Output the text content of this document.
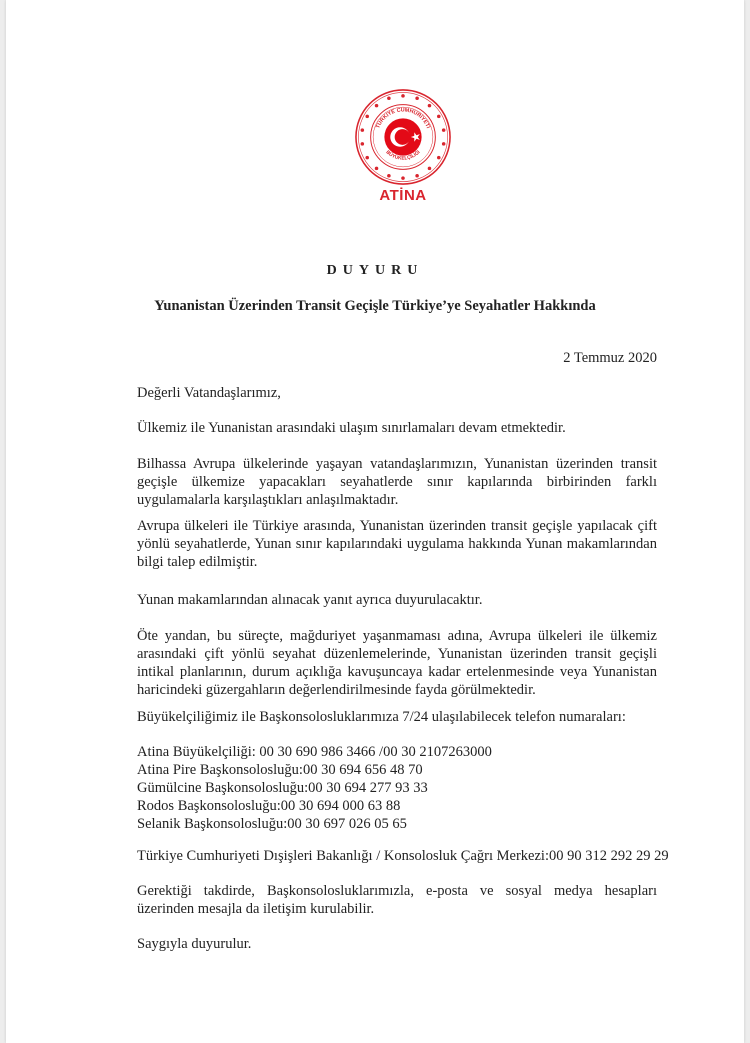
TÜRKİYE CUMHURİYETİ
BÜYÜKELÇİLİĞİ
ATİNA
DUYURU
Yunanistan Üzerinden Transit Geçişle Türkiye’ye Seyahatler Hakkında
2 Temmuz 2020
Değerli Vatandaşlarımız,
Ülkemiz ile Yunanistan arasındaki ulaşım sınırlamaları devam etmektedir.
Bilhassa Avrupa ülkelerinde yaşayan vatandaşlarımızın, Yunanistan üzerinden transit geçişle ülkemize yapacakları seyahatlerde sınır kapılarında birbirinden farklı uygulamalarla karşılaştıkları anlaşılmaktadır.
Avrupa ülkeleri ile Türkiye arasında, Yunanistan üzerinden transit geçişle yapılacak çift yönlü seyahatlerde, Yunan sınır kapılarındaki uygulama hakkında Yunan makamlarından bilgi talep edilmiştir.
Yunan makamlarından alınacak yanıt ayrıca duyurulacaktır.
Öte yandan, bu süreçte, mağduriyet yaşanmaması adına, Avrupa ülkeleri ile ülkemiz arasındaki çift yönlü seyahat düzenlemelerinde, Yunanistan üzerinden transit geçişli intikal planlarının, durum açıklığa kavuşuncaya kadar ertelenmesinde veya Yunanistan haricindeki güzergahların değerlendirilmesinde fayda görülmektedir.
Büyükelçiliğimiz ile Başkonsolosluklarımıza 7/24 ulaşılabilecek telefon numaraları:
Atina Büyükelçiliği: 00 30 690 986 3466 /00 30 2107263000
Atina Pire Başkonsolosluğu:00 30 694 656 48 70
Gümülcine Başkonsolosluğu:00 30 694 277 93 33
Rodos Başkonsolosluğu:00 30 694 000 63 88
Selanik Başkonsolosluğu:00 30 697 026 05 65
Türkiye Cumhuriyeti Dışişleri Bakanlığı / Konsolosluk Çağrı Merkezi:00 90 312 292 29 29
Gerektiği takdirde, Başkonsolosluklarımızla, e-posta ve sosyal medya hesapları üzerinden mesajla da iletişim kurulabilir.
Saygıyla duyurulur.
